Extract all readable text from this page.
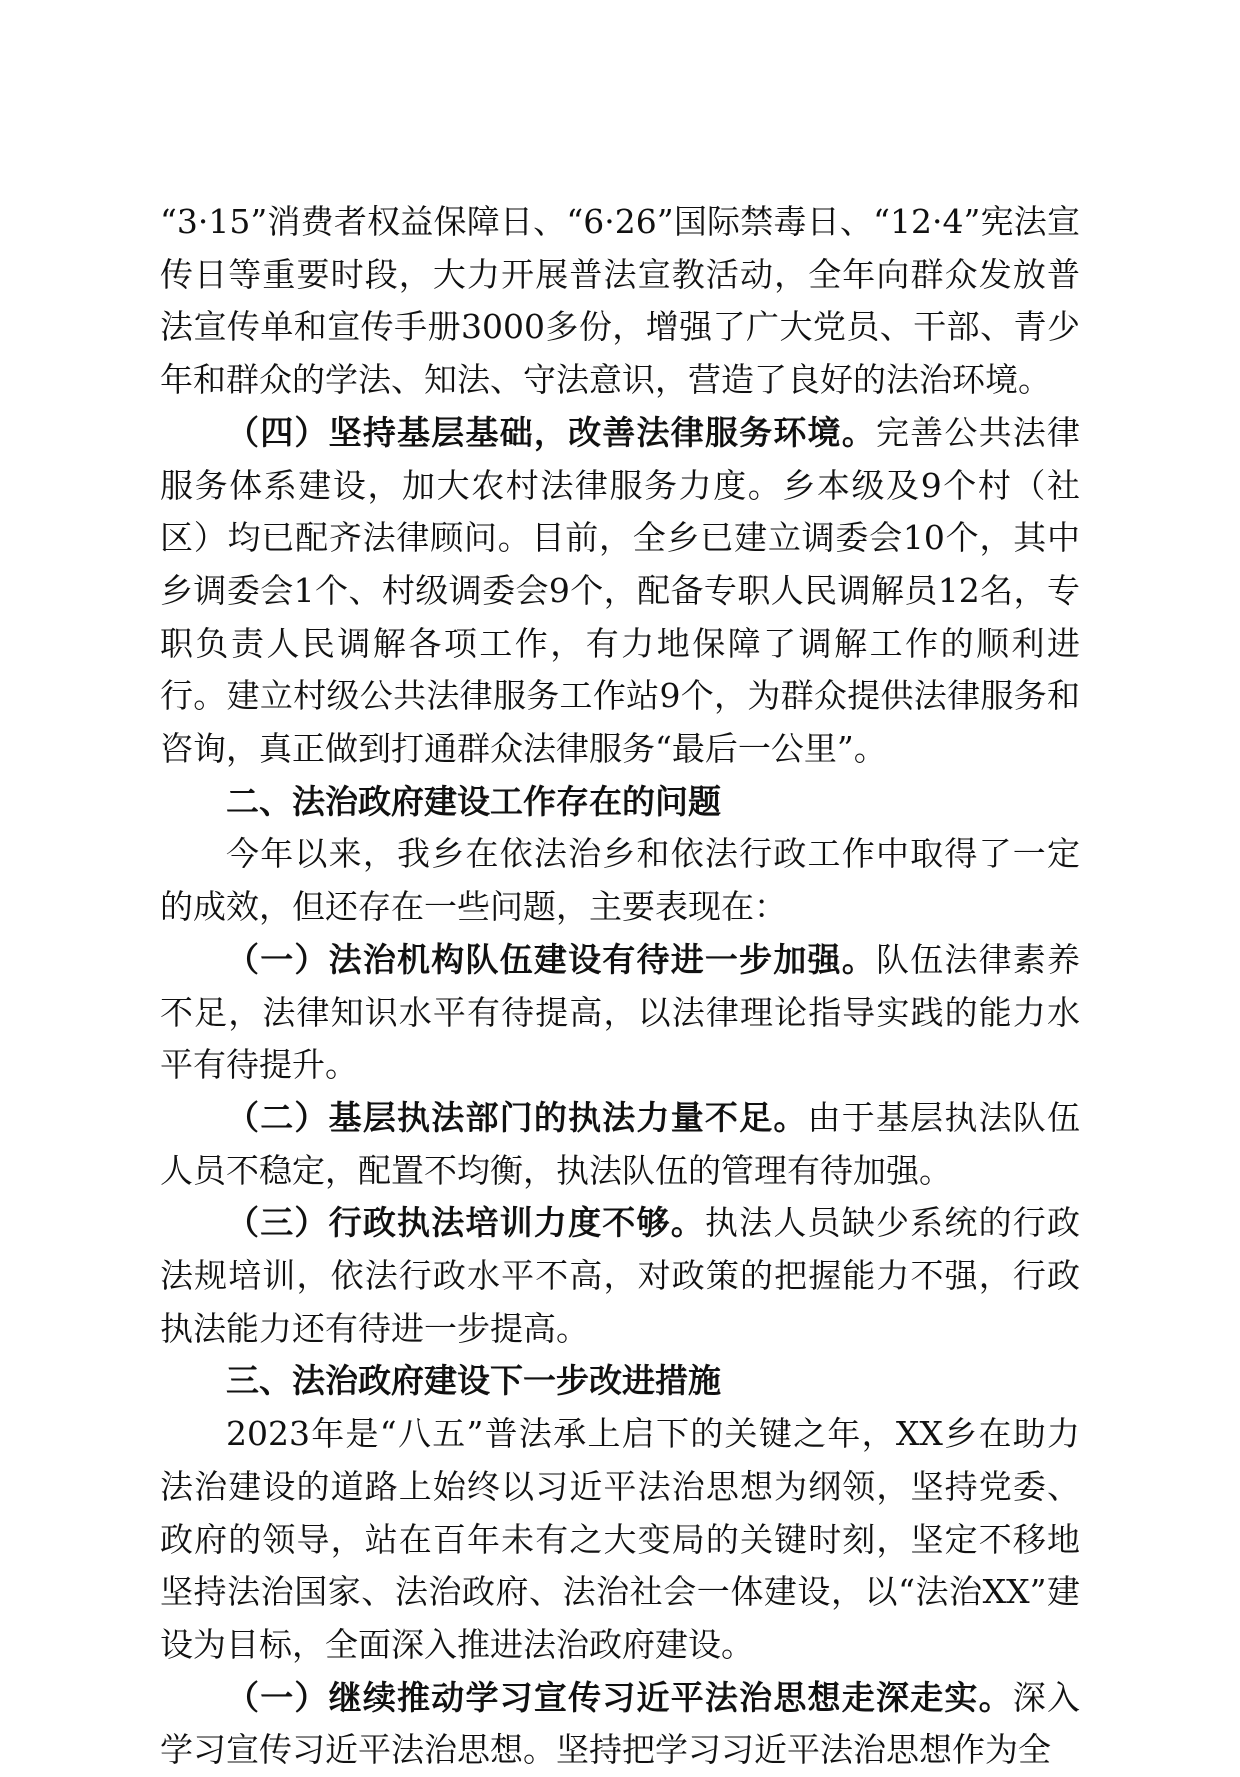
“3·15”消费者权益保障日、“6·26”国际禁毒日、“12·4”宪法宣传日等重要时段，大力开展普法宣教活动，全年向群众发放普法宣传单和宣传手册3000多份，增强了广大党员、干部、青少年和群众的学法、知法、守法意识，营造了良好的法治环境。

（四）坚持基层基础，改善法律服务环境。完善公共法律服务体系建设，加大农村法律服务力度。乡本级及9个村（社区）均已配齐法律顾问。目前，全乡已建立调委会10个，其中乡调委会1个、村级调委会9个，配备专职人民调解员12名，专职负责人民调解各项工作，有力地保障了调解工作的顺利进行。建立村级公共法律服务工作站9个，为群众提供法律服务和咨询，真正做到打通群众法律服务“最后一公里”。

二、法治政府建设工作存在的问题

今年以来，我乡在依法治乡和依法行政工作中取得了一定的成效，但还存在一些问题，主要表现在：

（一）法治机构队伍建设有待进一步加强。队伍法律素养不足，法律知识水平有待提高，以法律理论指导实践的能力水平有待提升。

（二）基层执法部门的执法力量不足。由于基层执法队伍人员不稳定，配置不均衡，执法队伍的管理有待加强。

（三）行政执法培训力度不够。执法人员缺少系统的行政法规培训，依法行政水平不高，对政策的把握能力不强，行政执法能力还有待进一步提高。

三、法治政府建设下一步改进措施

2023年是“八五”普法承上启下的关键之年，XX乡在助力法治建设的道路上始终以习近平法治思想为纲领，坚持党委、政府的领导，站在百年未有之大变局的关键时刻，坚定不移地坚持法治国家、法治政府、法治社会一体建设，以“法治XX”建设为目标，全面深入推进法治政府建设。

（一）继续推动学习宣传习近平法治思想走深走实。深入学习宣传习近平法治思想。坚持把学习习近平法治思想作为全
